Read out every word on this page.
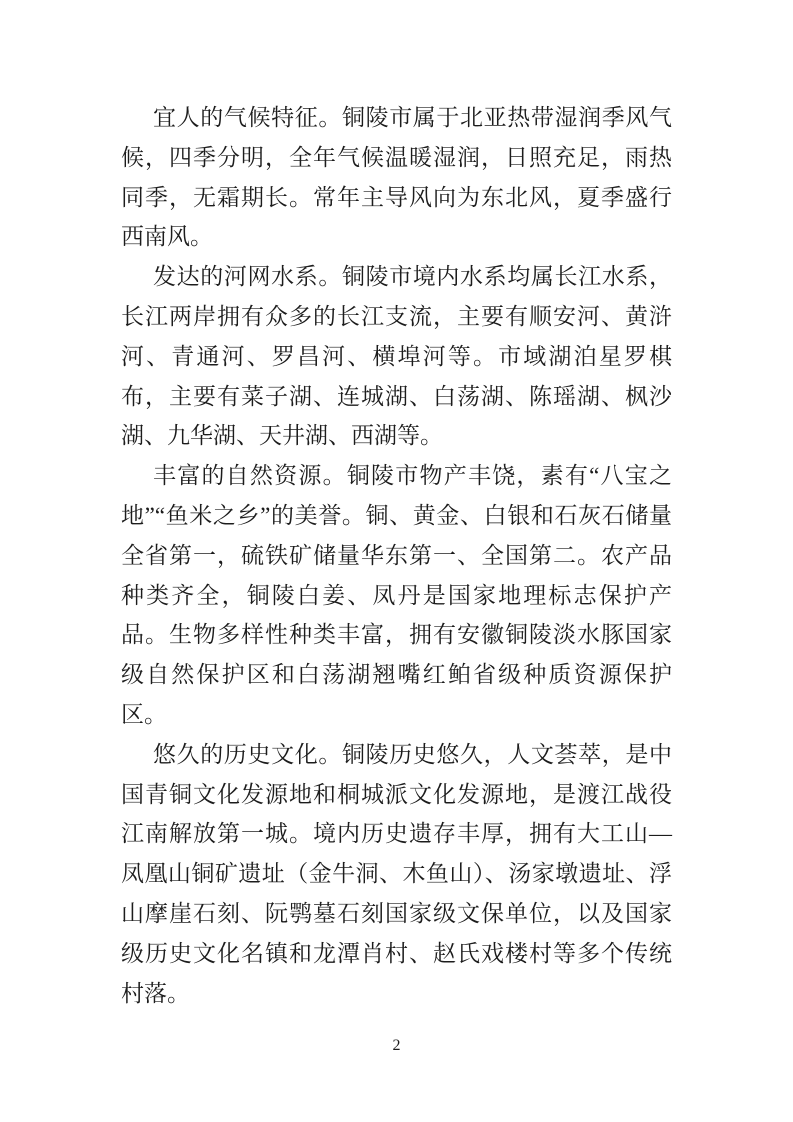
宜人的气候特征。铜陵市属于北亚热带湿润季风气候，四季分明，全年气候温暖湿润，日照充足，雨热同季，无霜期长。常年主导风向为东北风，夏季盛行西南风。

发达的河网水系。铜陵市境内水系均属长江水系，长江两岸拥有众多的长江支流，主要有顺安河、黄浒河、青通河、罗昌河、横埠河等。市域湖泊星罗棋布，主要有菜子湖、连城湖、白荡湖、陈瑶湖、枫沙湖、九华湖、天井湖、西湖等。

丰富的自然资源。铜陵市物产丰饶，素有“八宝之地”“鱼米之乡”的美誉。铜、黄金、白银和石灰石储量全省第一，硫铁矿储量华东第一、全国第二。农产品种类齐全，铜陵白姜、凤丹是国家地理标志保护产品。生物多样性种类丰富，拥有安徽铜陵淡水豚国家级自然保护区和白荡湖翘嘴红鲌省级种质资源保护区。

悠久的历史文化。铜陵历史悠久，人文荟萃，是中国青铜文化发源地和桐城派文化发源地，是渡江战役江南解放第一城。境内历史遗存丰厚，拥有大工山—凤凰山铜矿遗址（金牛洞、木鱼山）、汤家墩遗址、浮山摩崖石刻、阮鹗墓石刻国家级文保单位，以及国家级历史文化名镇和龙潭肖村、赵氏戏楼村等多个传统村落。

2
